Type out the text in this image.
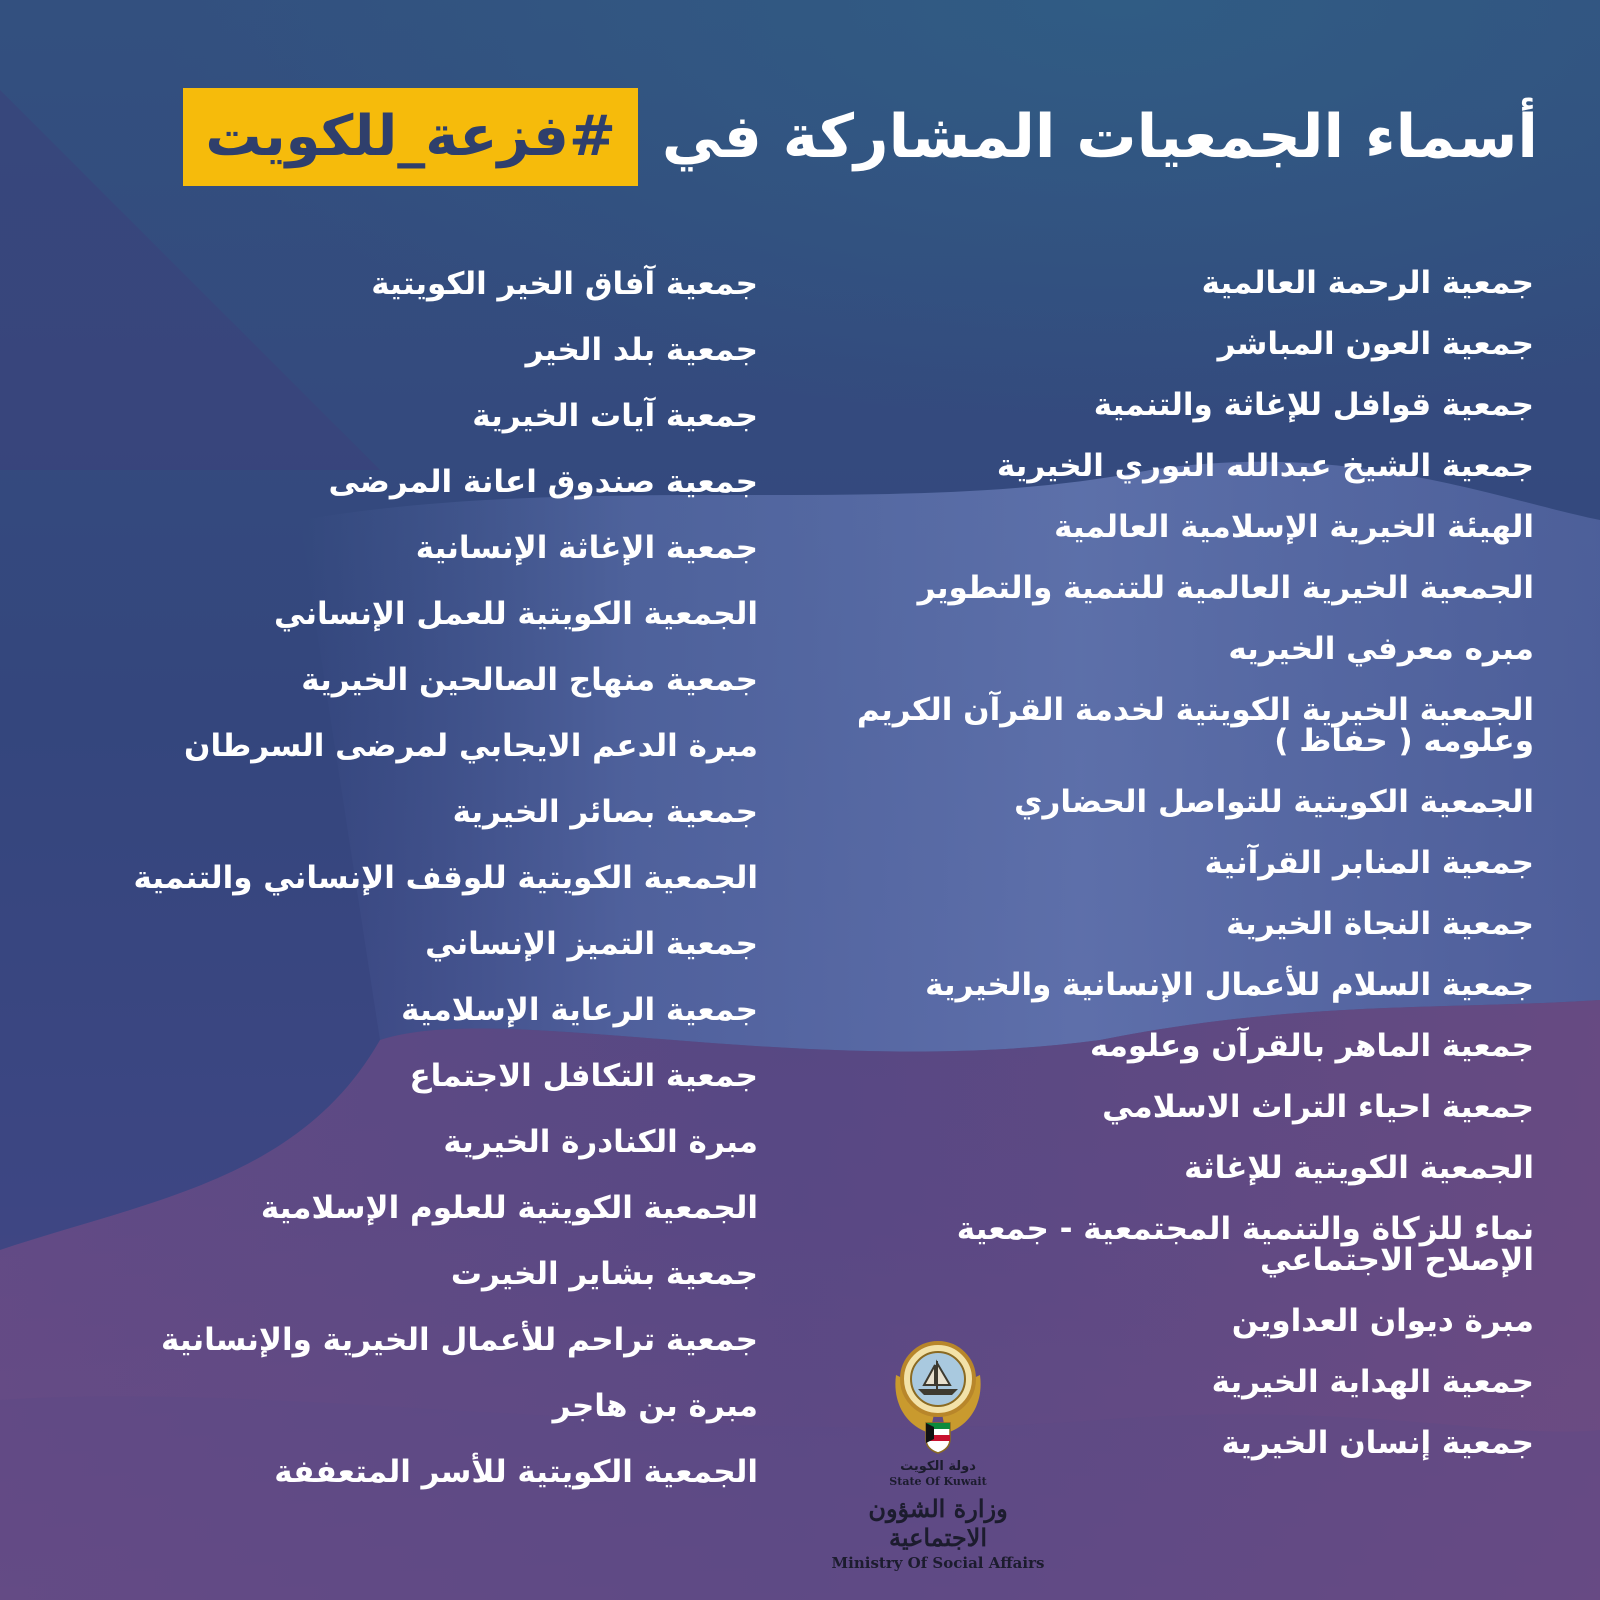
أسماء الجمعيات المشاركة في
#فزعة_للكويت
جمعية الرحمة العالمية
جمعية العون المباشر
جمعية قوافل للإغاثة والتنمية
جمعية الشيخ عبدالله النوري الخيرية
الهيئة الخيرية الإسلامية العالمية
الجمعية الخيرية العالمية للتنمية والتطوير
مبره معرفي الخيريه
الجمعية الخيرية الكويتية لخدمة القرآن الكريم وعلومه ( حفاظ )
الجمعية الكويتية للتواصل الحضاري
جمعية المنابر القرآنية
جمعية النجاة الخيرية
جمعية السلام للأعمال الإنسانية والخيرية
جمعية الماهر بالقرآن وعلومه
جمعية احياء التراث الاسلامي
الجمعية الكويتية للإغاثة
نماء للزكاة والتنمية المجتمعية - جمعية الإصلاح الاجتماعي
مبرة ديوان العداوين
جمعية الهداية الخيرية
جمعية إنسان الخيرية
جمعية آفاق الخير الكويتية
جمعية بلد الخير
جمعية آيات الخيرية
جمعية صندوق اعانة المرضى
جمعية الإغاثة الإنسانية
الجمعية الكويتية للعمل الإنساني
جمعية منهاج الصالحين الخيرية
مبرة الدعم الايجابي لمرضى السرطان
جمعية بصائر الخيرية
الجمعية الكويتية للوقف الإنساني والتنمية
جمعية التميز الإنساني
جمعية الرعاية الإسلامية
جمعية التكافل الاجتماع
مبرة الكنادرة الخيرية
الجمعية الكويتية للعلوم الإسلامية
جمعية بشاير الخيرت
جمعية تراحم للأعمال الخيرية والإنسانية
مبرة بن هاجر
الجمعية الكويتية للأسر المتعففة	دولة الكويت
State Of Kuwait
وزارة الشؤون الاجتماعية
Ministry Of Social Affairs
